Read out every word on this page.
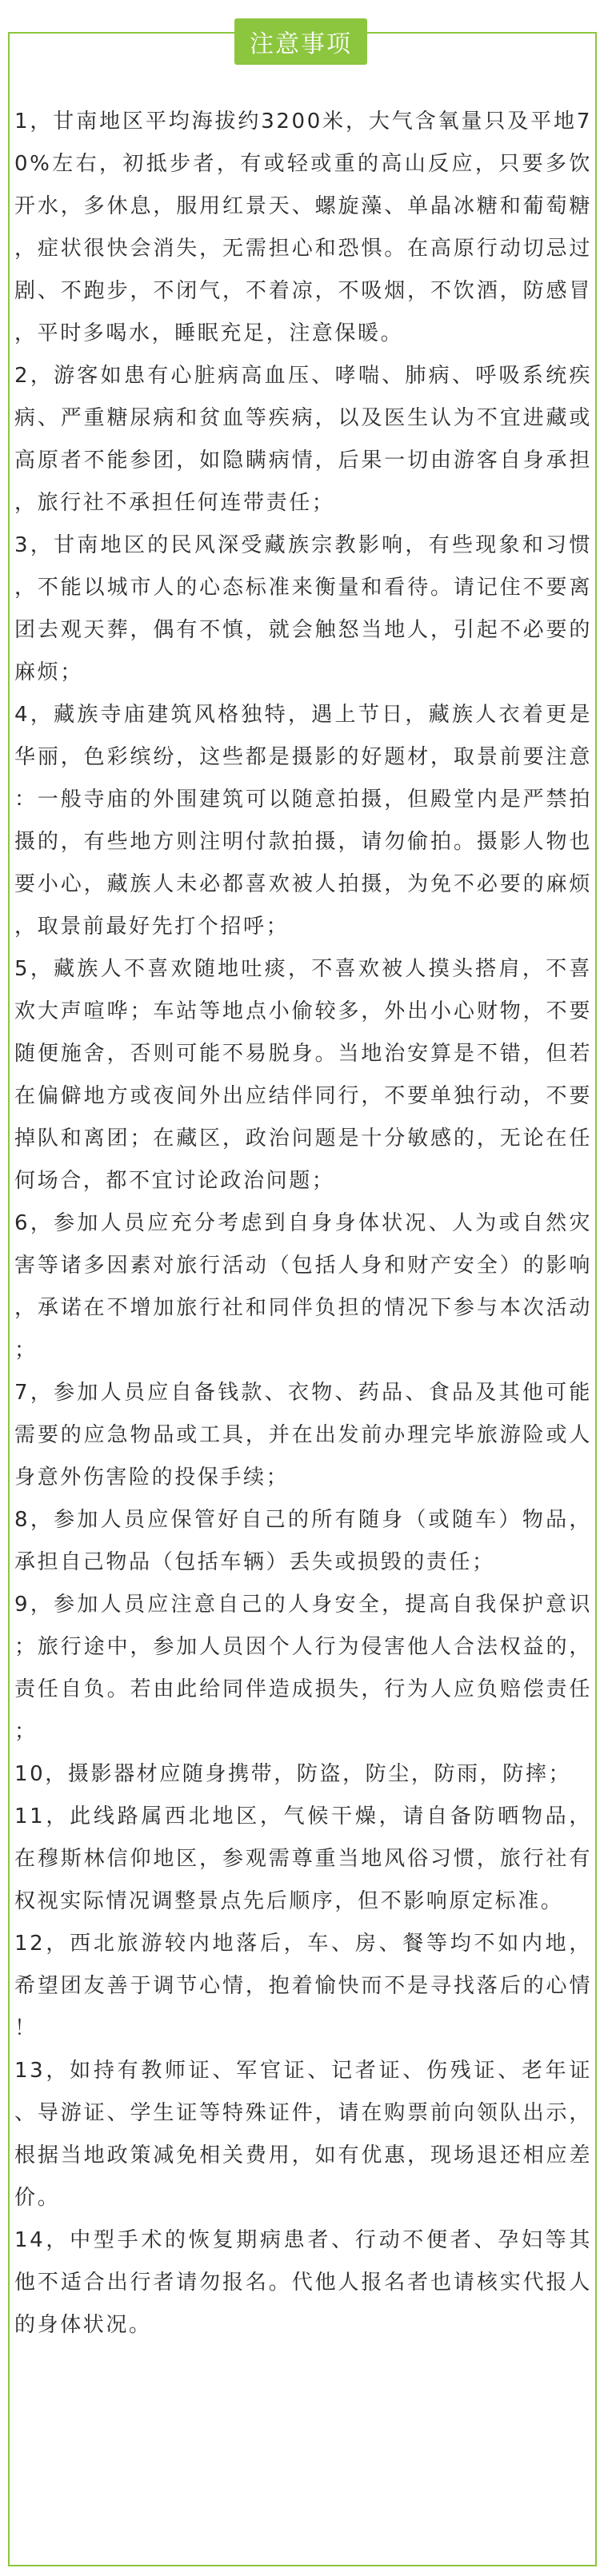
注意事项

1，甘南地区平均海拔约3200米，大气含氧量只及平地70%左右，初抵步者，有或轻或重的高山反应，只要多饮开水，多休息，服用红景天、螺旋藻、单晶冰糖和葡萄糖，症状很快会消失，无需担心和恐惧。在高原行动切忌过剧、不跑步，不闭气，不着凉，不吸烟，不饮酒，防感冒，平时多喝水，睡眠充足，注意保暖。

2，游客如患有心脏病高血压、哮喘、肺病、呼吸系统疾病、严重糖尿病和贫血等疾病，以及医生认为不宜进藏或高原者不能参团，如隐瞒病情，后果一切由游客自身承担，旅行社不承担任何连带责任；

3，甘南地区的民风深受藏族宗教影响，有些现象和习惯，不能以城市人的心态标准来衡量和看待。请记住不要离团去观天葬，偶有不慎，就会触怒当地人，引起不必要的麻烦；

4，藏族寺庙建筑风格独特，遇上节日，藏族人衣着更是华丽，色彩缤纷，这些都是摄影的好题材，取景前要注意：一般寺庙的外围建筑可以随意拍摄，但殿堂内是严禁拍摄的，有些地方则注明付款拍摄，请勿偷拍。摄影人物也要小心，藏族人未必都喜欢被人拍摄，为免不必要的麻烦，取景前最好先打个招呼；

5，藏族人不喜欢随地吐痰，不喜欢被人摸头搭肩，不喜欢大声喧哗；车站等地点小偷较多，外出小心财物，不要随便施舍，否则可能不易脱身。当地治安算是不错，但若在偏僻地方或夜间外出应结伴同行，不要单独行动，不要掉队和离团；在藏区，政治问题是十分敏感的，无论在任何场合，都不宜讨论政治问题；

6，参加人员应充分考虑到自身身体状况、人为或自然灾害等诸多因素对旅行活动（包括人身和财产安全）的影响，承诺在不增加旅行社和同伴负担的情况下参与本次活动；

7，参加人员应自备钱款、衣物、药品、食品及其他可能需要的应急物品或工具，并在出发前办理完毕旅游险或人身意外伤害险的投保手续；

8，参加人员应保管好自己的所有随身（或随车）物品，承担自己物品（包括车辆）丢失或损毁的责任；

9，参加人员应注意自己的人身安全，提高自我保护意识；旅行途中，参加人员因个人行为侵害他人合法权益的，责任自负。若由此给同伴造成损失，行为人应负赔偿责任；

10，摄影器材应随身携带，防盗，防尘，防雨，防摔；

11，此线路属西北地区，气候干燥，请自备防晒物品，在穆斯林信仰地区，参观需尊重当地风俗习惯，旅行社有权视实际情况调整景点先后顺序，但不影响原定标准。

12，西北旅游较内地落后，车、房、餐等均不如内地，希望团友善于调节心情，抱着愉快而不是寻找落后的心情！

13，如持有教师证、军官证、记者证、伤残证、老年证、导游证、学生证等特殊证件，请在购票前向领队出示，根据当地政策减免相关费用，如有优惠，现场退还相应差价。

14，中型手术的恢复期病患者、行动不便者、孕妇等其他不适合出行者请勿报名。代他人报名者也请核实代报人的身体状况。
